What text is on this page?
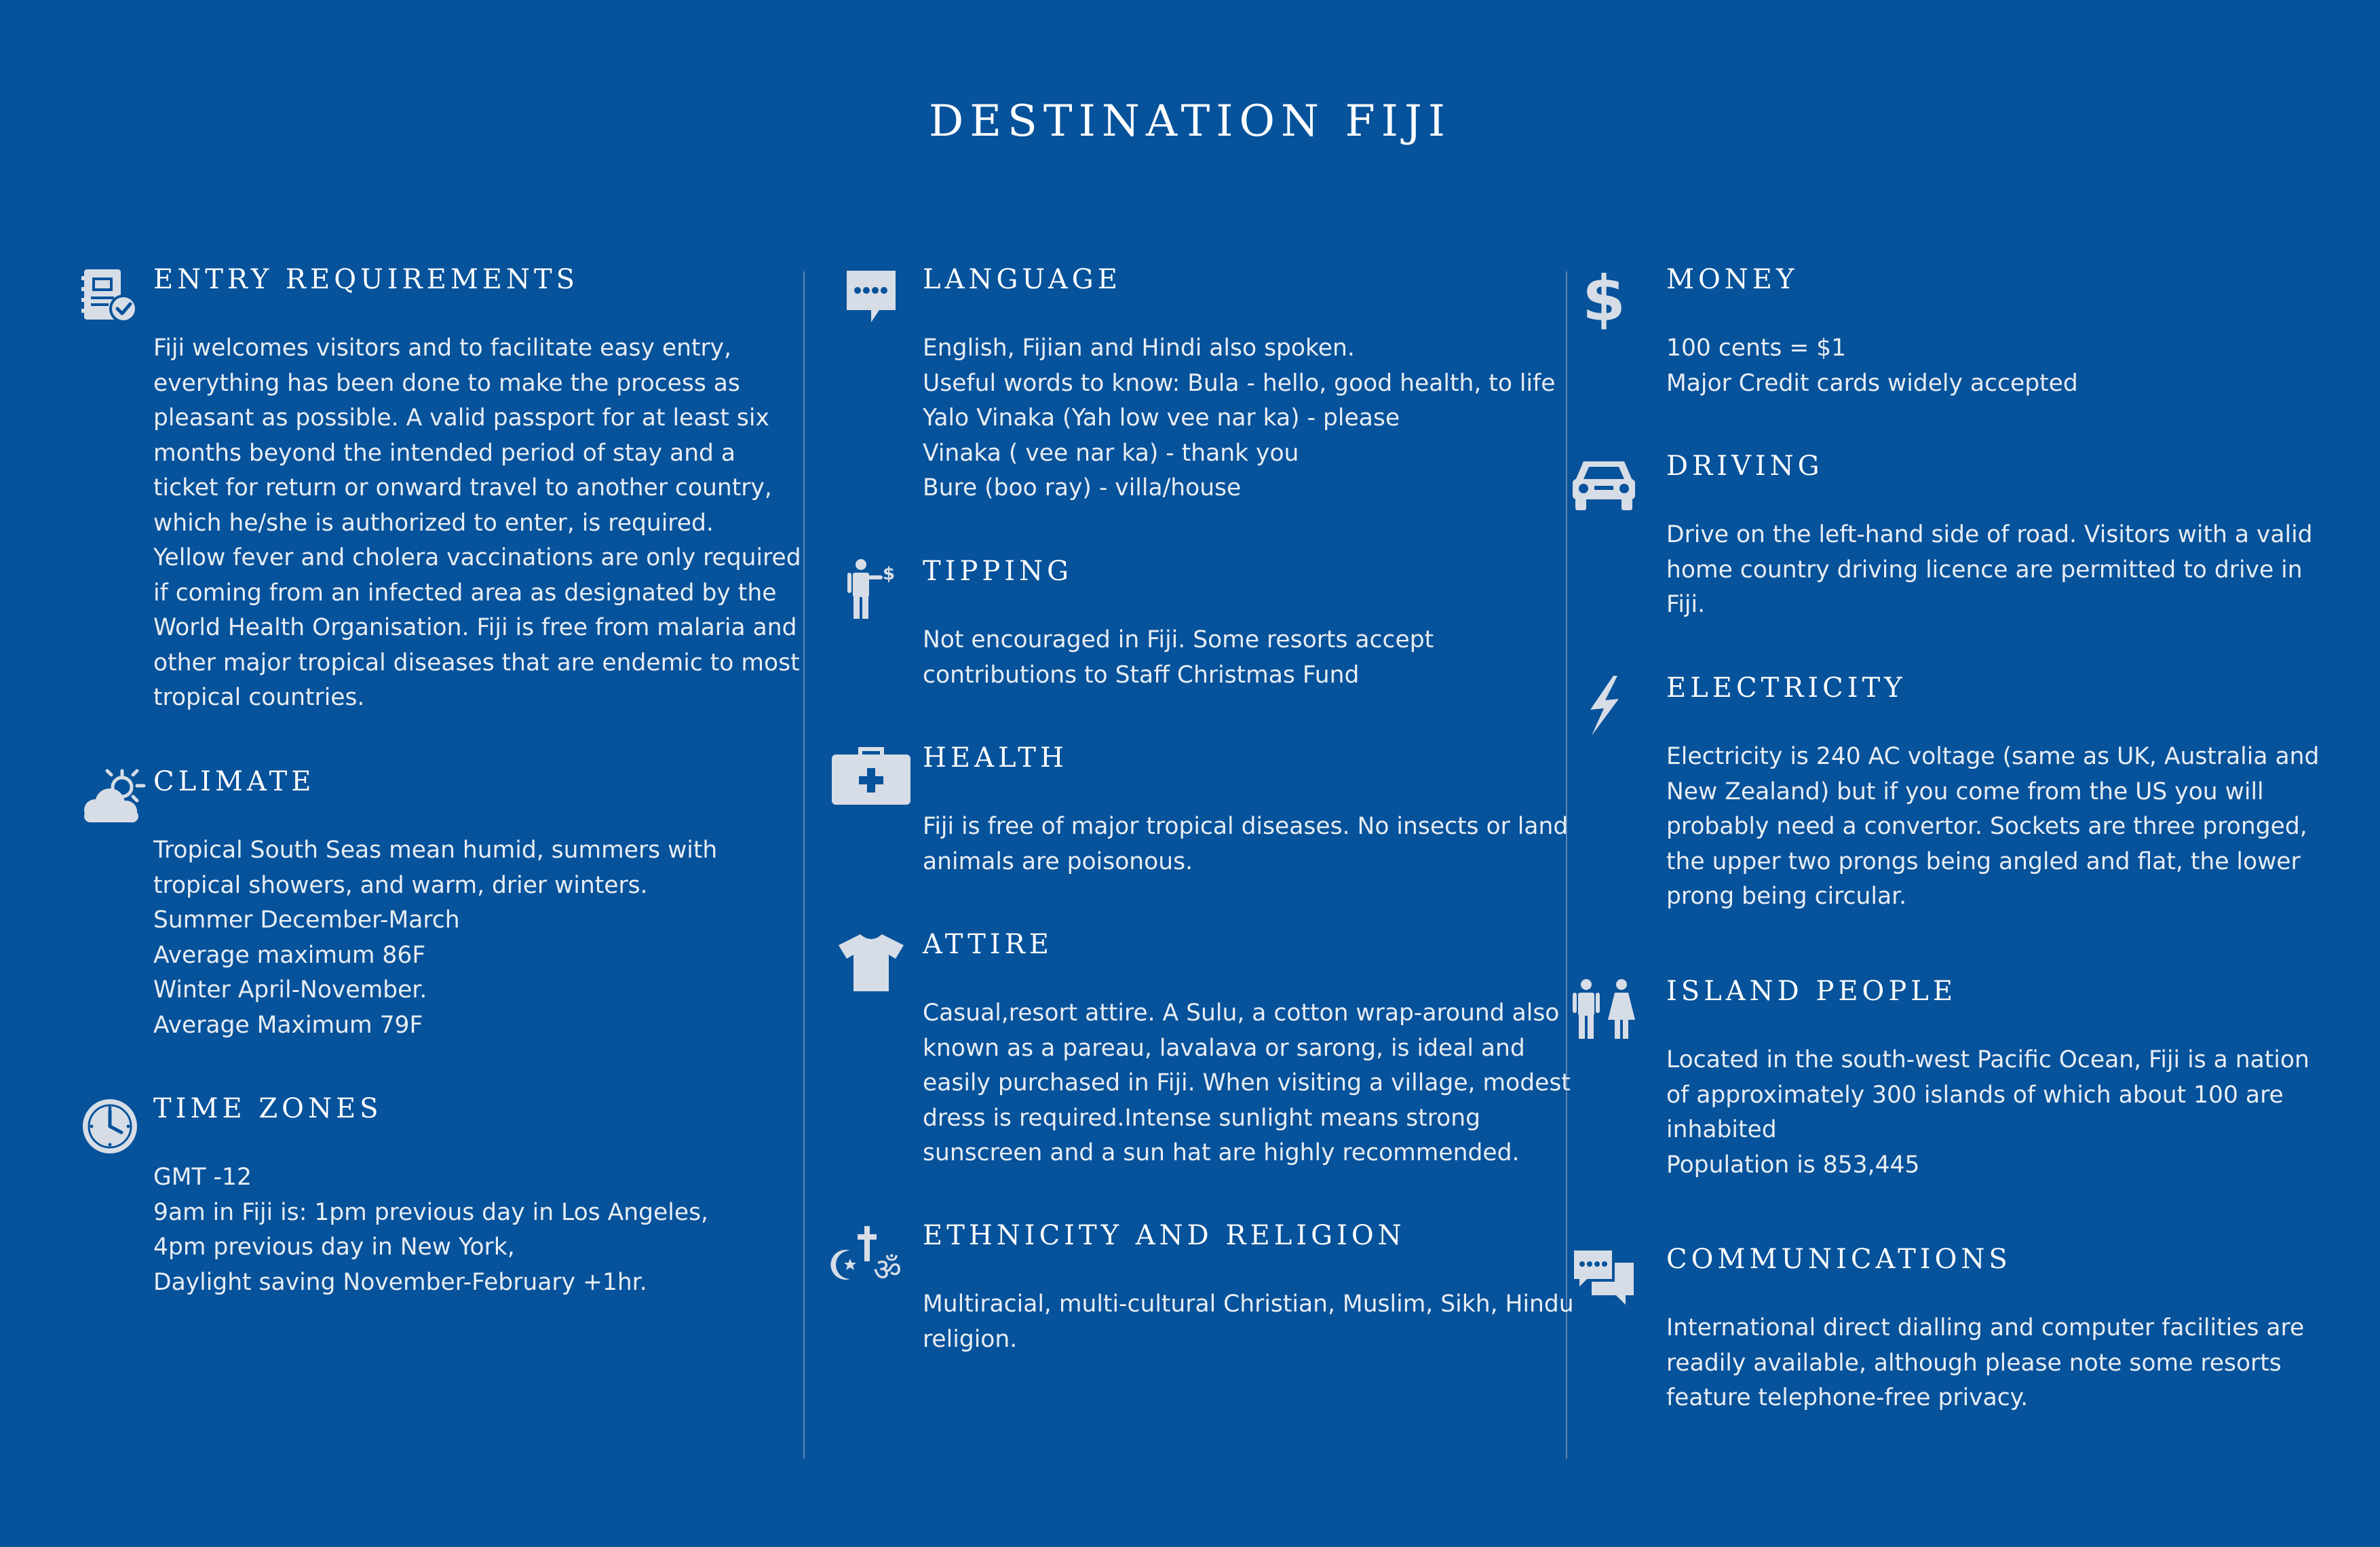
DESTINATION FIJI
ENTRY REQUIREMENTS

Fiji welcomes visitors and to facilitate easy entry,
everything has been done to make the process as
pleasant as possible. A valid passport for at least six
months beyond the intended period of stay and a
ticket for return or onward travel to another country,
which he/she is authorized to enter, is required.
Yellow fever and cholera vaccinations are only required
if coming from an infected area as designated by the
World Health Organisation. Fiji is free from malaria and
other major tropical diseases that are endemic to most
tropical countries.

CLIMATE

Tropical South Seas mean humid, summers with
tropical showers, and warm, drier winters.
Summer December-March
Average maximum 86F
Winter April-November.
Average Maximum 79F

TIME ZONES

GMT -12
9am in Fiji is: 1pm previous day in Los Angeles,
4pm previous day in New York,
Daylight saving November-February +1hr.

LANGUAGE

English, Fijian and Hindi also spoken.
Useful words to know: Bula - hello, good health, to life
Yalo Vinaka (Yah low vee nar ka) - please
Vinaka ( vee nar ka) - thank you
Bure (boo ray) - villa/house

$ TIPPING

Not encouraged in Fiji. Some resorts accept
contributions to Staff Christmas Fund

HEALTH

Fiji is free of major tropical diseases. No insects or land
animals are poisonous.

ATTIRE

Casual,resort attire. A Sulu, a cotton wrap-around also
known as a pareau, lavalava or sarong, is ideal and
easily purchased in Fiji. When visiting a village, modest
dress is required.Intense sunlight means strong
sunscreen and a sun hat are highly recommended.

ॐ
ETHNICITY AND RELIGION

Multiracial, multi-cultural Christian, Muslim, Sikh, Hindu
religion.

$ MONEY

100 cents = $1
Major Credit cards widely accepted

DRIVING

Drive on the left-hand side of road. Visitors with a valid
home country driving licence are permitted to drive in
Fiji.

ELECTRICITY

Electricity is 240 AC voltage (same as UK, Australia and
New Zealand) but if you come from the US you will
probably need a convertor. Sockets are three pronged,
the upper two prongs being angled and flat, the lower
prong being circular.

ISLAND PEOPLE

Located in the south-west Pacific Ocean, Fiji is a nation
of approximately 300 islands of which about 100 are
inhabited
Population is 853,445

COMMUNICATIONS

International direct dialling and computer facilities are
readily available, although please note some resorts
feature telephone-free privacy.
